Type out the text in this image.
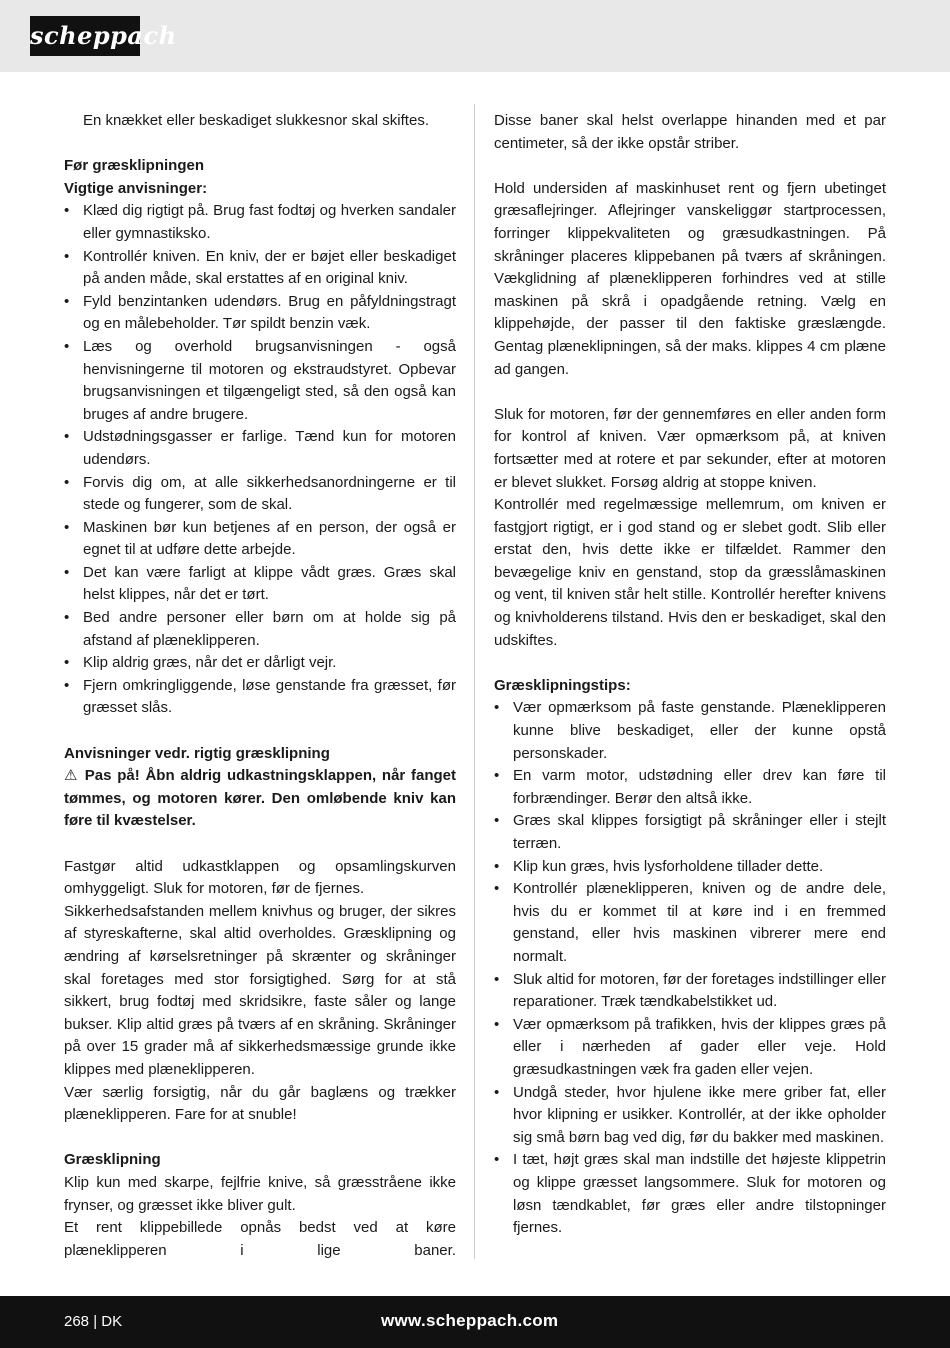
scheppach

En knækket eller beskadiget slukkesnor skal skiftes.

Før græsklipningen

Vigtige anvisninger:

• Klæd dig rigtigt på. Brug fast fodtøj og hverken sandaler eller gymnastiksko.
• Kontrollér kniven. En kniv, der er bøjet eller beskadiget på anden måde, skal erstattes af en original kniv.
• Fyld benzintanken udendørs. Brug en påfyldningstragt og en målebeholder. Tør spildt benzin væk.
• Læs og overhold brugsanvisningen - også henvisningerne til motoren og ekstraudstyret. Opbevar brugsanvisningen et tilgængeligt sted, så den også kan bruges af andre brugere.
• Udstødningsgasser er farlige. Tænd kun for motoren udendørs.
• Forvis dig om, at alle sikkerhedsanordningerne er til stede og fungerer, som de skal.
• Maskinen bør kun betjenes af en person, der også er egnet til at udføre dette arbejde.
• Det kan være farligt at klippe vådt græs. Græs skal helst klippes, når det er tørt.
• Bed andre personer eller børn om at holde sig på afstand af plæneklipperen.
• Klip aldrig græs, når det er dårligt vejr.
• Fjern omkringliggende, løse genstande fra græsset, før græsset slås.

Anvisninger vedr. rigtig græsklipning

⚠ Pas på! Åbn aldrig udkastningsklappen, når fanget tømmes, og motoren kører. Den omløbende kniv kan føre til kvæstelser.

Fastgør altid udkastklappen og opsamlingskurven omhyggeligt. Sluk for motoren, før de fjernes.

Sikkerhedsafstanden mellem knivhus og bruger, der sikres af styreskafterne, skal altid overholdes. Græsklipning og ændring af kørselsretninger på skrænter og skråninger skal foretages med stor forsigtighed. Sørg for at stå sikkert, brug fodtøj med skridsikre, faste såler og lange bukser. Klip altid græs på tværs af en skråning. Skråninger på over 15 grader må af sikkerhedsmæssige grunde ikke klippes med plæneklipperen.

Vær særlig forsigtig, når du går baglæns og trækker plæneklipperen. Fare for at snuble!

Græsklipning

Klip kun med skarpe, fejlfrie knive, så græsstråene ikke frynser, og græsset ikke bliver gult.

Et rent klippebillede opnås bedst ved at køre plæneklipperen i lige baner.

Disse baner skal helst overlappe hinanden med et par centimeter, så der ikke opstår striber.

Hold undersiden af maskinhuset rent og fjern ubetinget græsaflejringer. Aflejringer vanskeliggør startprocessen, forringer klippekvaliteten og græsudkastningen. På skråninger placeres klippebanen på tværs af skråningen. Vækglidning af plæneklipperen forhindres ved at stille maskinen på skrå i opadgående retning. Vælg en klippehøjde, der passer til den faktiske græslængde. Gentag plæneklipningen, så der maks. klippes 4 cm plæne ad gangen.

Sluk for motoren, før der gennemføres en eller anden form for kontrol af kniven. Vær opmærksom på, at kniven fortsætter med at rotere et par sekunder, efter at motoren er blevet slukket. Forsøg aldrig at stoppe kniven.

Kontrollér med regelmæssige mellemrum, om kniven er fastgjort rigtigt, er i god stand og er slebet godt. Slib eller erstat den, hvis dette ikke er tilfældet. Rammer den bevægelige kniv en genstand, stop da græsslåmaskinen og vent, til kniven står helt stille. Kontrollér herefter knivens og knivholderens tilstand. Hvis den er beskadiget, skal den udskiftes.

Græsklipningstips:

• Vær opmærksom på faste genstande. Plæneklipperen kunne blive beskadiget, eller der kunne opstå personskader.
• En varm motor, udstødning eller drev kan føre til forbrændinger. Berør den altså ikke.
• Græs skal klippes forsigtigt på skråninger eller i stejlt terræn.
• Klip kun græs, hvis lysforholdene tillader dette.
• Kontrollér plæneklipperen, kniven og de andre dele, hvis du er kommet til at køre ind i en fremmed genstand, eller hvis maskinen vibrerer mere end normalt.
• Sluk altid for motoren, før der foretages indstillinger eller reparationer. Træk tændkabelstikket ud.
• Vær opmærksom på trafikken, hvis der klippes græs på eller i nærheden af gader eller veje. Hold græsudkastningen væk fra gaden eller vejen.
• Undgå steder, hvor hjulene ikke mere griber fat, eller hvor klipning er usikker. Kontrollér, at der ikke opholder sig små børn bag ved dig, før du bakker med maskinen.
• I tæt, højt græs skal man indstille det højeste klippetrin og klippe græsset langsommere. Sluk for motoren og løsn tændkablet, før græs eller andre tilstopninger fjernes.
268 | DK	www.scheppach.com
